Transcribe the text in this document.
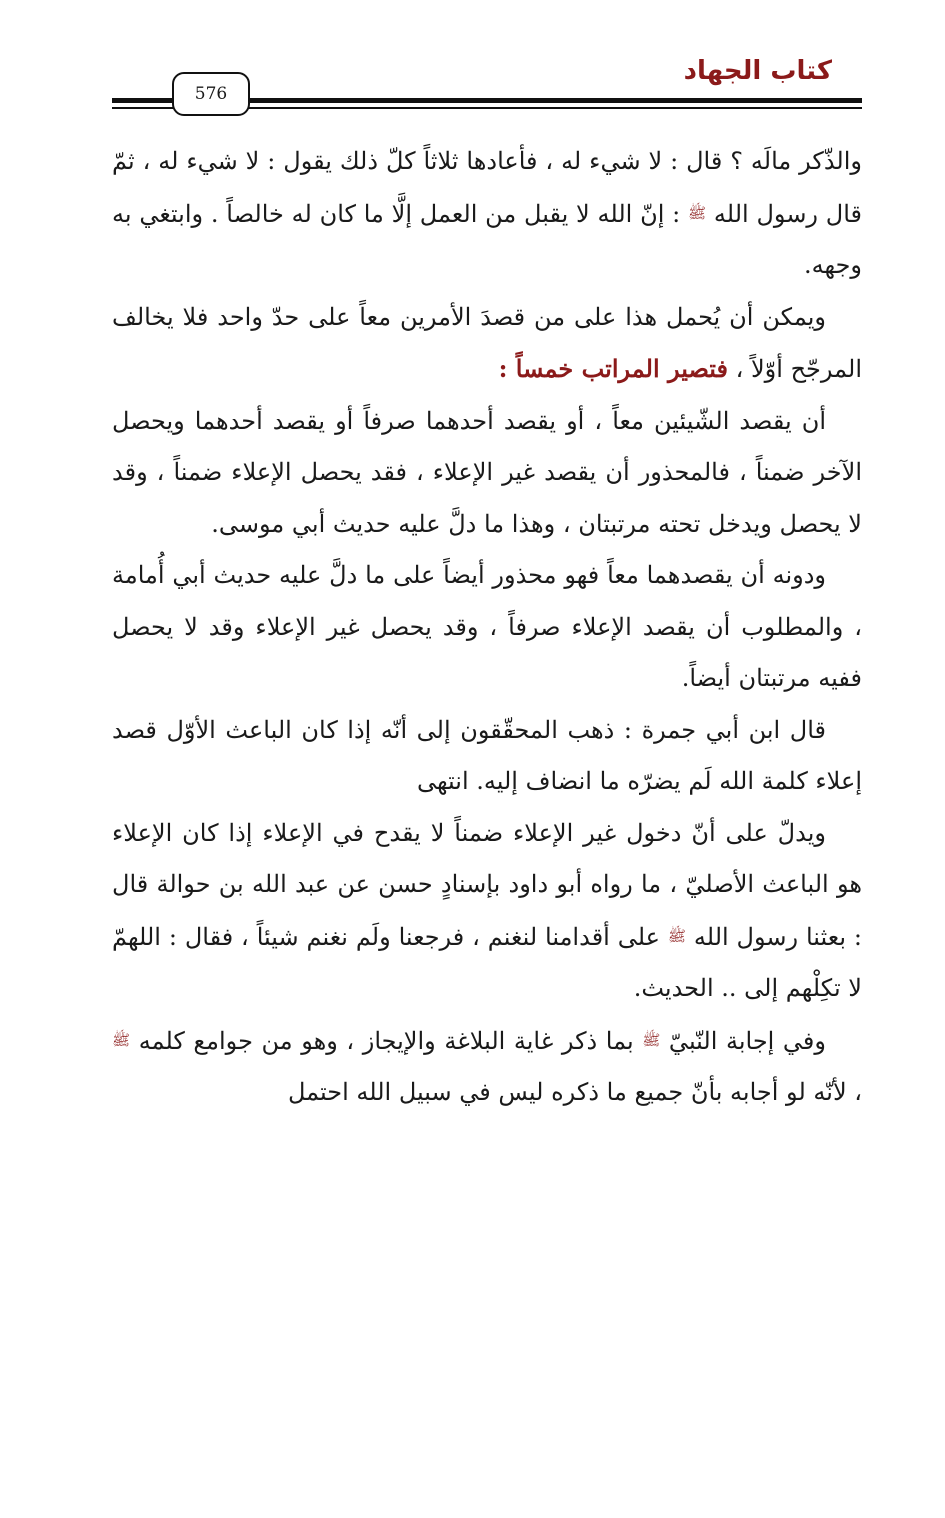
كتاب الجهاد
576

والذّكر مالَه ؟ قال : لا شيء له ، فأعادها ثلاثاً كلّ ذلك يقول : لا شيء له ، ثمّ قال رسول الله ﷺ : إنّ الله لا يقبل من العمل إلَّا ما كان له خالصاً . وابتغي به وجهه.

ويمكن أن يُحمل هذا على من قصدَ الأمرين معاً على حدّ واحد فلا يخالف المرجّح أوّلاً ، فتصير المراتب خمساً :

أن يقصد الشّيئين معاً ، أو يقصد أحدهما صرفاً أو يقصد أحدهما ويحصل الآخر ضمناً ، فالمحذور أن يقصد غير الإعلاء ، فقد يحصل الإعلاء ضمناً ، وقد لا يحصل ويدخل تحته مرتبتان ، وهذا ما دلَّ عليه حديث أبي موسى.

ودونه أن يقصدهما معاً فهو محذور أيضاً على ما دلَّ عليه حديث أبي أُمامة ، والمطلوب أن يقصد الإعلاء صرفاً ، وقد يحصل غير الإعلاء وقد لا يحصل ففيه مرتبتان أيضاً.

قال ابن أبي جمرة : ذهب المحقّقون إلى أنّه إذا كان الباعث الأوّل قصد إعلاء كلمة الله لَم يضرّه ما انضاف إليه. انتهى

ويدلّ على أنّ دخول غير الإعلاء ضمناً لا يقدح في الإعلاء إذا كان الإعلاء هو الباعث الأصليّ ، ما رواه أبو داود بإسنادٍ حسن عن عبد الله بن حوالة قال : بعثنا رسول الله ﷺ على أقدامنا لنغنم ، فرجعنا ولَم نغنم شيئاً ، فقال : اللهمّ لا تكِلْهم إلى .. الحديث.

وفي إجابة النّبيّ ﷺ بما ذكر غاية البلاغة والإيجاز ، وهو من جوامع كلمه ﷺ ، لأنّه لو أجابه بأنّ جميع ما ذكره ليس في سبيل الله احتمل
